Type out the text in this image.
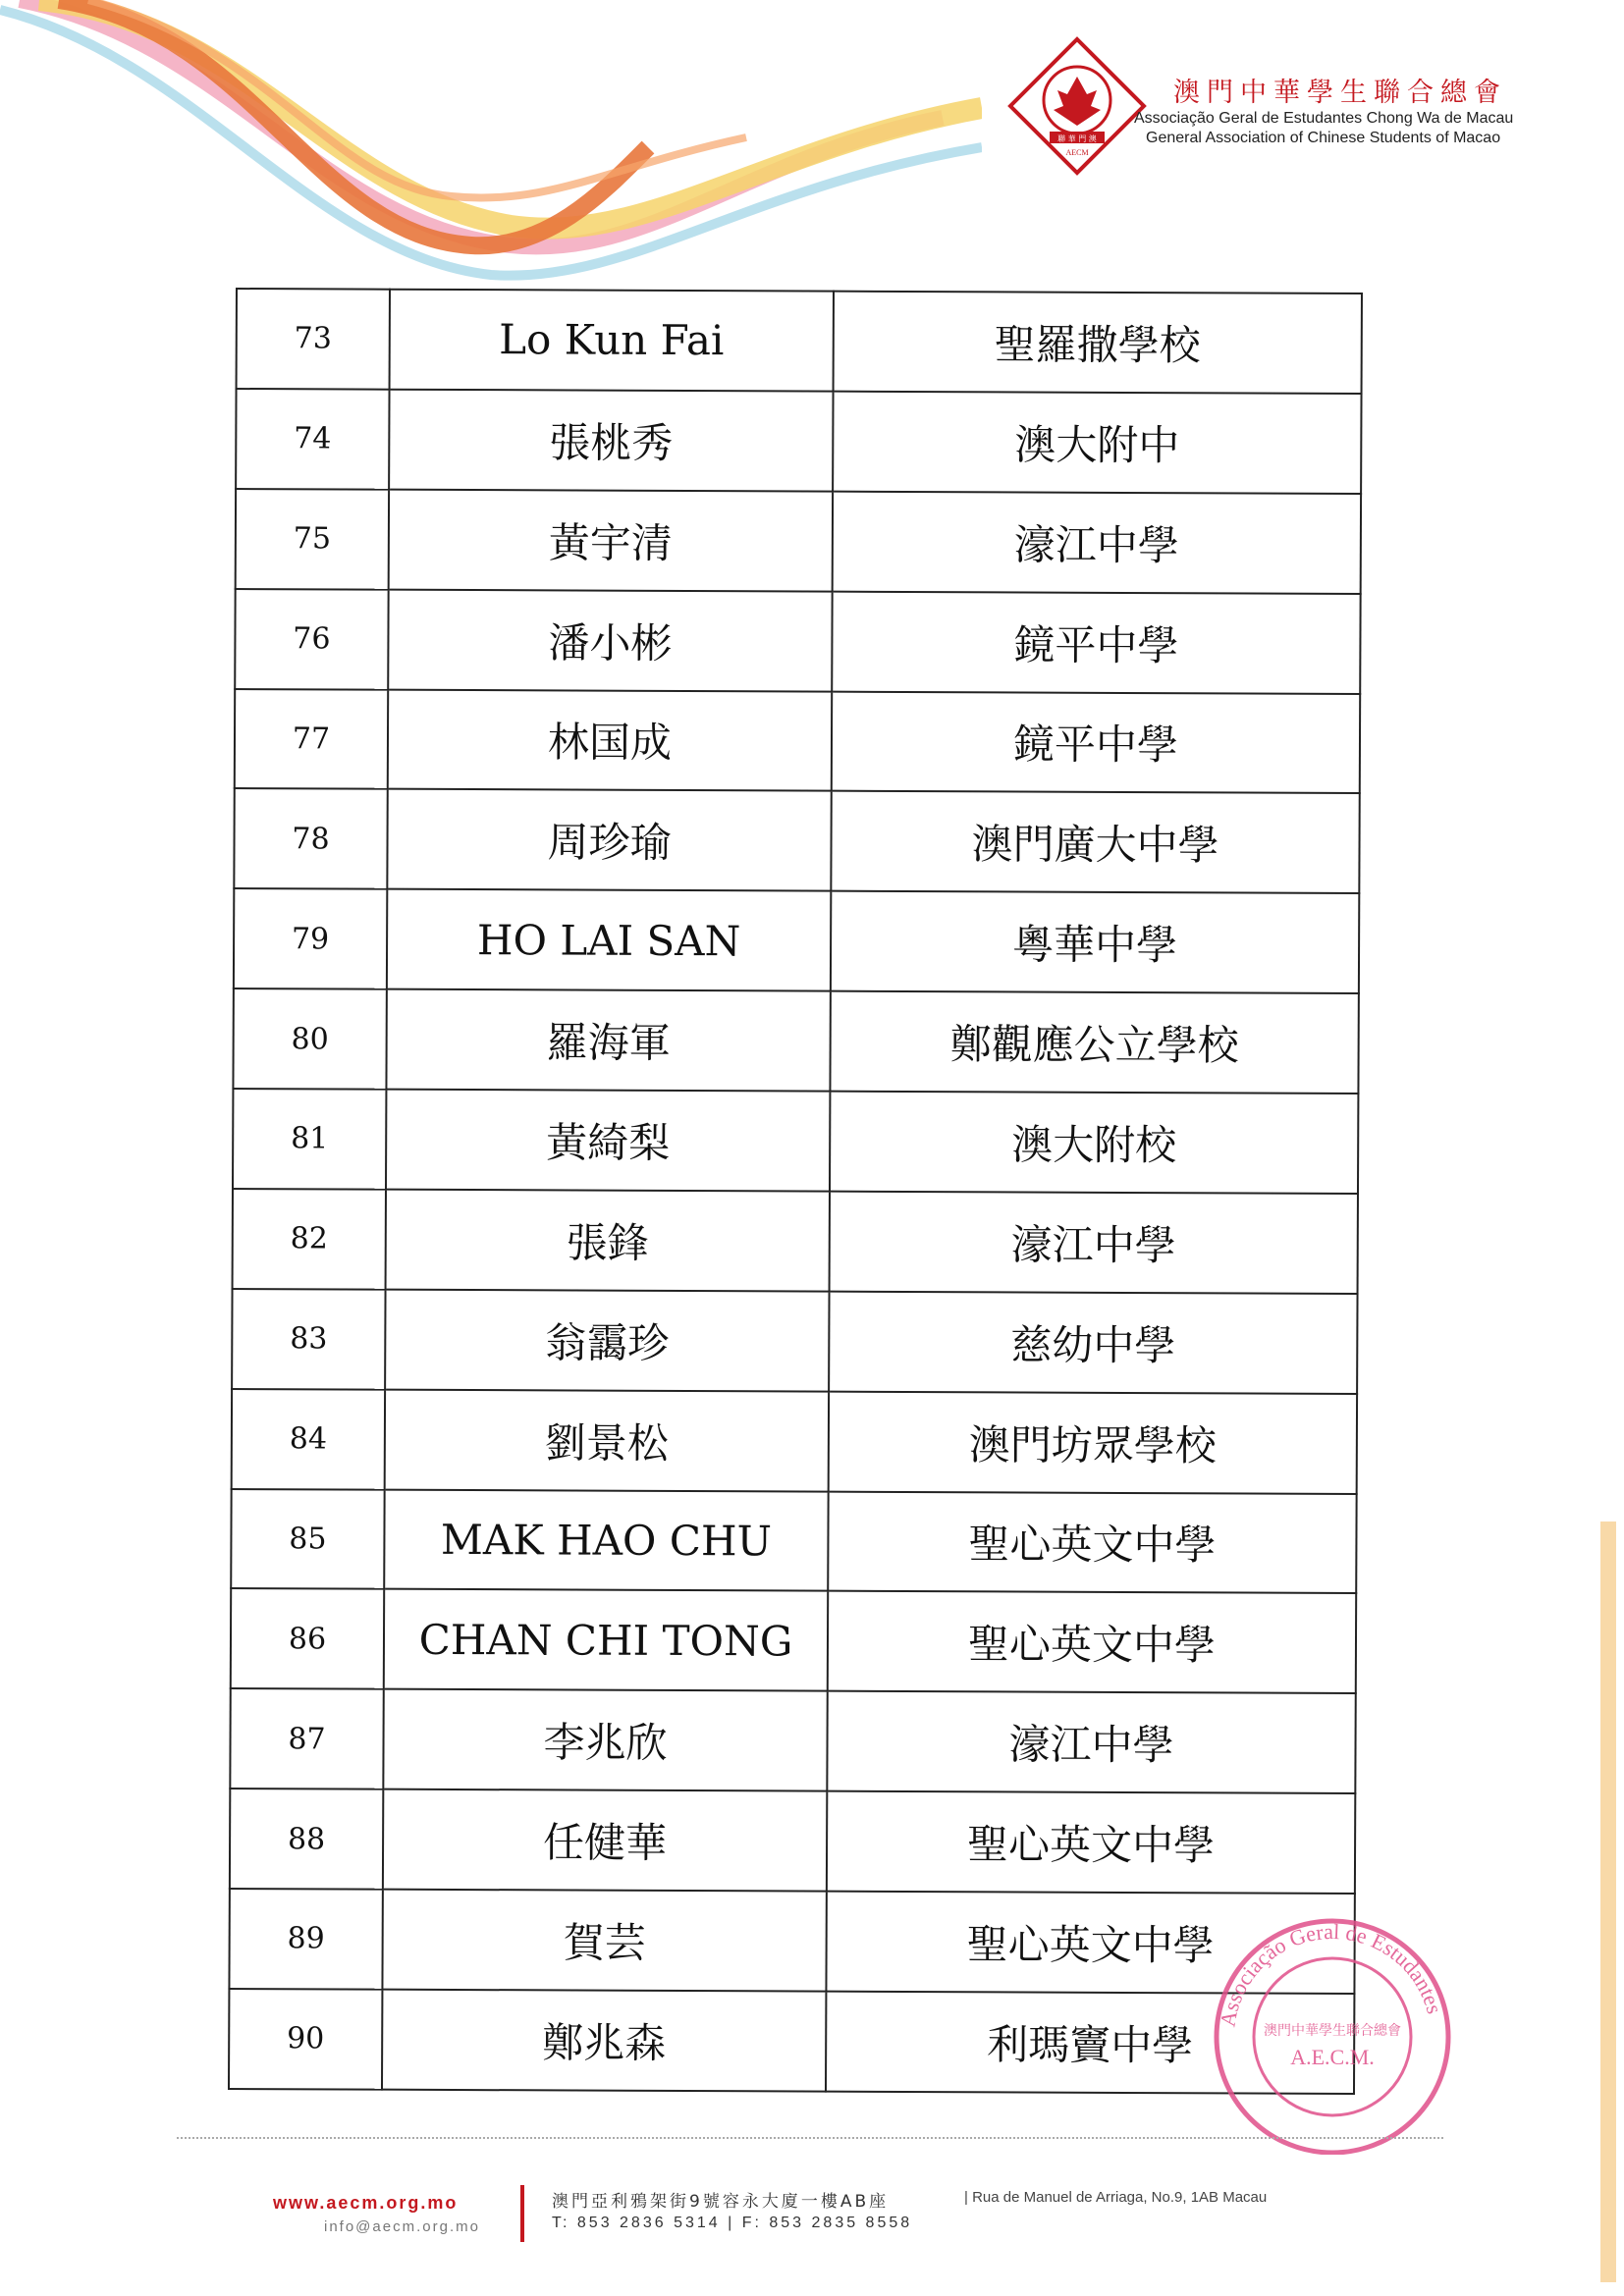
聯 華 門 澳
AECM
澳門中華學生聯合總會
Associação Geral de Estudantes Chong Wa de Macau
General Association of Chinese Students of Macao
73	Lo Kun Fai	聖羅撒學校
74	張桃秀	澳大附中
75	黃宇清	濠江中學
76	潘小彬	鏡平中學
77	林国成	鏡平中學
78	周珍瑜	澳門廣大中學
79	HO LAI SAN	粵華中學
80	羅海軍	鄭觀應公立學校
81	黃綺梨	澳大附校
82	張鋒	濠江中學
83	翁靄珍	慈幼中學
84	劉景松	澳門坊眾學校
85	MAK HAO CHU	聖心英文中學
86	CHAN CHI TONG	聖心英文中學
87	李兆欣	濠江中學
88	任健華	聖心英文中學
89	賀芸	聖心英文中學
90	鄭兆森	利瑪竇中學
Associação Geral de Estudantes
澳門中華學生聯合總會
A.E.C.M.
www.aecm.org.mo
info@aecm.org.mo
澳門亞利鴉架街9號容永大廈一樓AB座	| Rua de Manuel de Arriaga, No.9, 1AB Macau
T: 853 2836 5314 | F: 853 2835 8558
